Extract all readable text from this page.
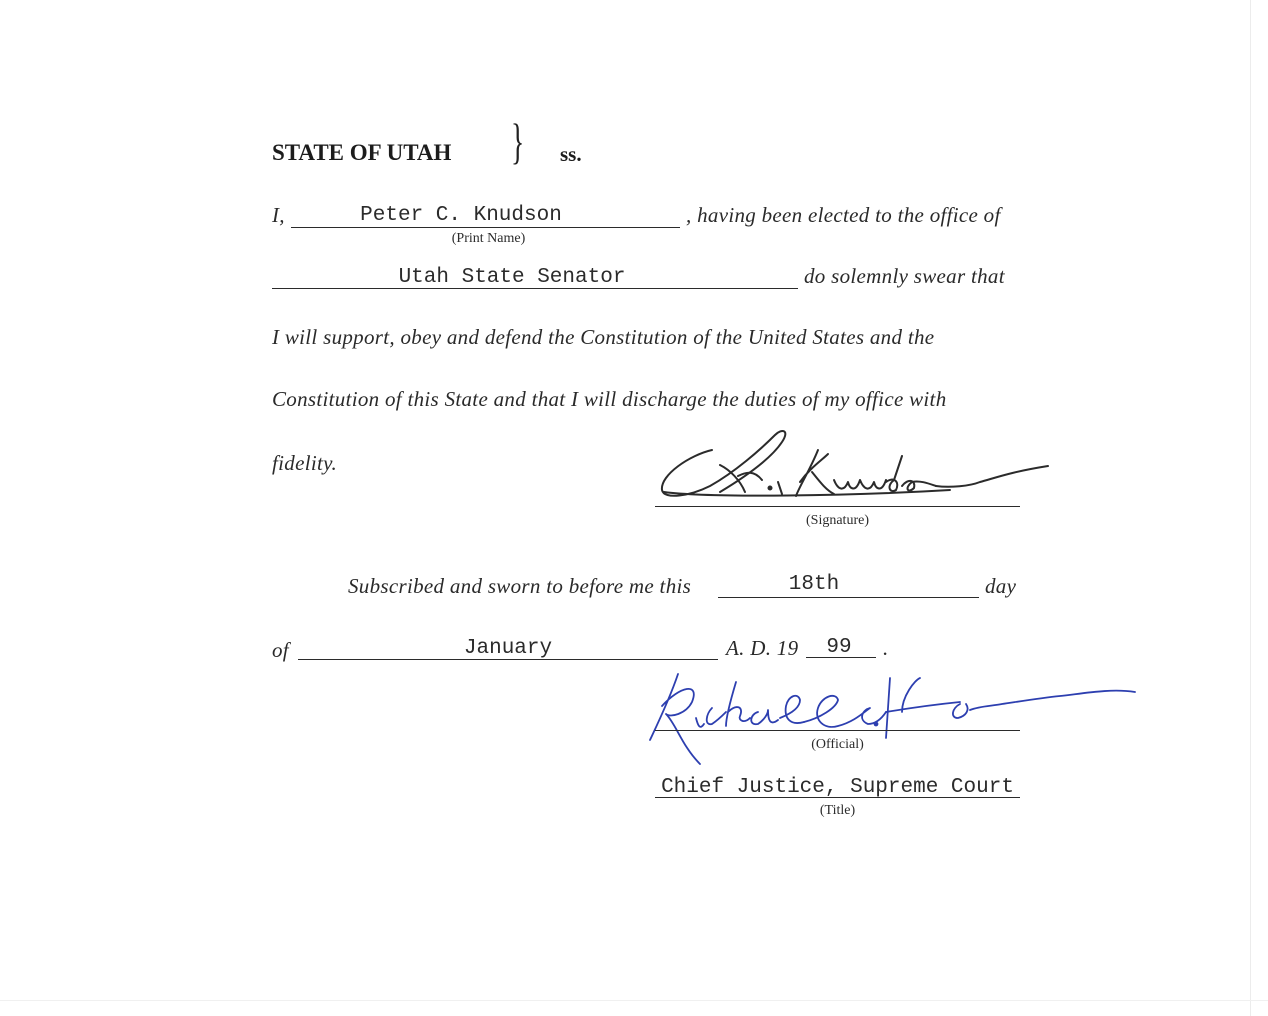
STATE OF UTAH } ss.
I,	Peter C. Knudson
(Print Name)
, having been elected to the office of
Utah State Senator	do solemnly swear that
I will support, obey and defend the Constitution of the United States and the
Constitution of this State and that I will discharge the duties of my office with
fidelity.
(Signature)
Subscribed and sworn to before me this	18th	day
of	January	A. D. 19	99	.
(Official)
Chief Justice, Supreme Court
(Title)
